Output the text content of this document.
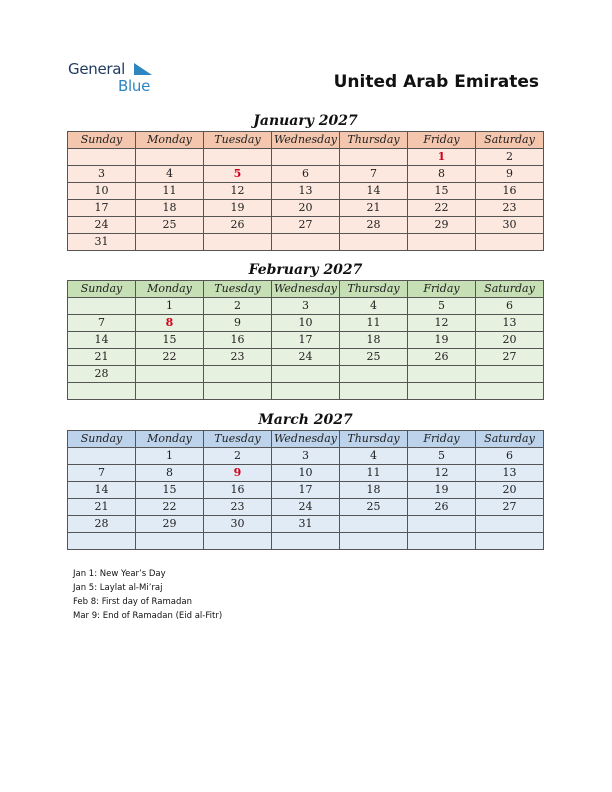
General
Blue	United Arab Emirates
January 2027
Sunday	Monday	Tuesday	Wednesday	Thursday	Friday	Saturday
					1	2
3	4	5	6	7	8	9
10	11	12	13	14	15	16
17	18	19	20	21	22	23
24	25	26	27	28	29	30
31						
February 2027
Sunday	Monday	Tuesday	Wednesday	Thursday	Friday	Saturday
	1	2	3	4	5	6
7	8	9	10	11	12	13
14	15	16	17	18	19	20
21	22	23	24	25	26	27
28						

March 2027
Sunday	Monday	Tuesday	Wednesday	Thursday	Friday	Saturday
	1	2	3	4	5	6
7	8	9	10	11	12	13
14	15	16	17	18	19	20
21	22	23	24	25	26	27
28	29	30	31			

Jan 1: New Year’s Day
Jan 5: Laylat al-Mi’raj
Feb 8: First day of Ramadan
Mar 9: End of Ramadan (Eid al-Fitr)
